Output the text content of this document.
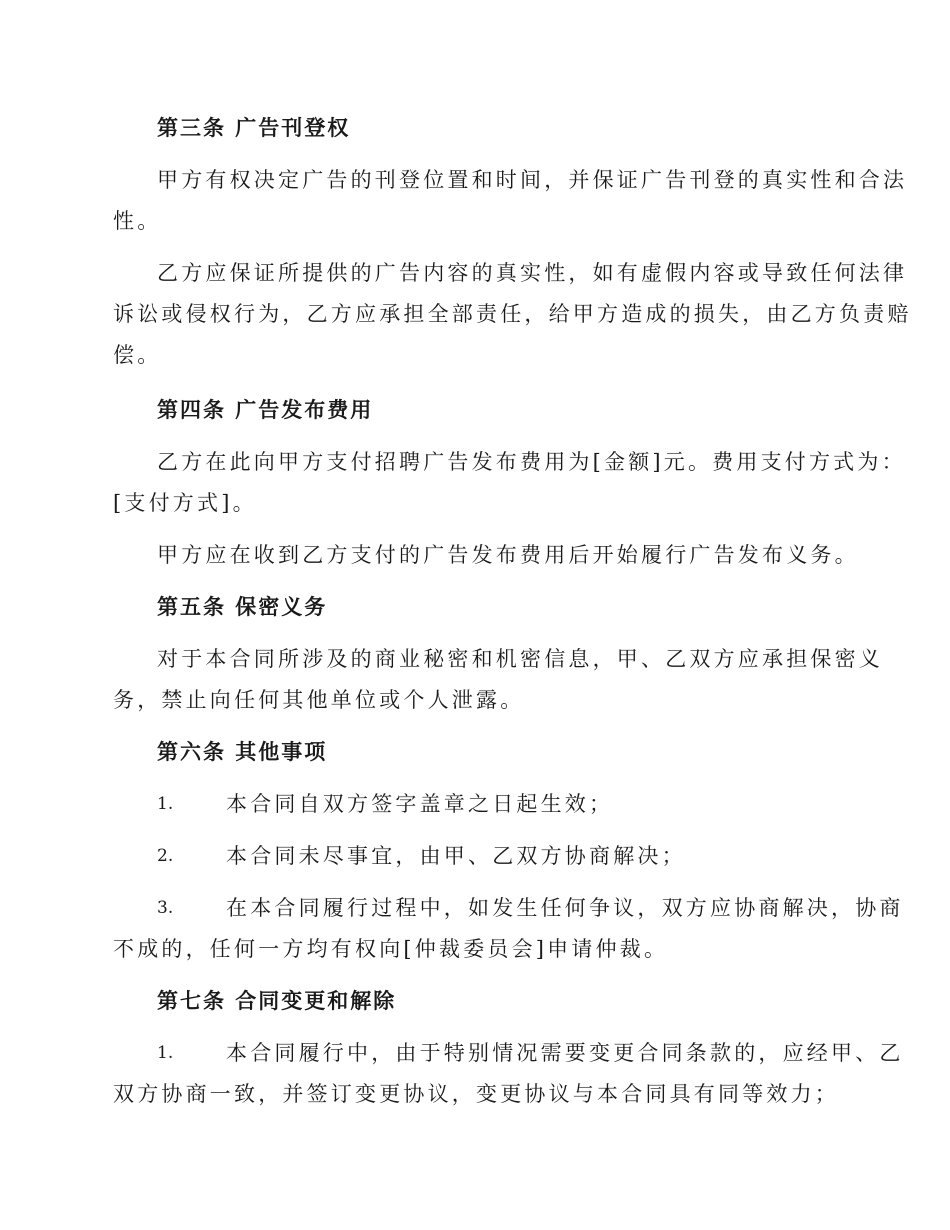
第三条 广告刊登权
甲方有权决定广告的刊登位置和时间，并保证广告刊登的真实性和合法
性。
乙方应保证所提供的广告内容的真实性，如有虚假内容或导致任何法律
诉讼或侵权行为，乙方应承担全部责任，给甲方造成的损失，由乙方负责赔
偿。
第四条 广告发布费用
乙方在此向甲方支付招聘广告发布费用为[金额]元。费用支付方式为：
[支付方式]。
甲方应在收到乙方支付的广告发布费用后开始履行广告发布义务。
第五条 保密义务
对于本合同所涉及的商业秘密和机密信息，甲、乙双方应承担保密义
务，禁止向任何其他单位或个人泄露。
第六条 其他事项
1.	本合同自双方签字盖章之日起生效；
2.	本合同未尽事宜，由甲、乙双方协商解决；
3.	在本合同履行过程中，如发生任何争议，双方应协商解决，协商
不成的，任何一方均有权向[仲裁委员会]申请仲裁。
第七条 合同变更和解除
1.	本合同履行中，由于特别情况需要变更合同条款的，应经甲、乙
双方协商一致，并签订变更协议，变更协议与本合同具有同等效力；
